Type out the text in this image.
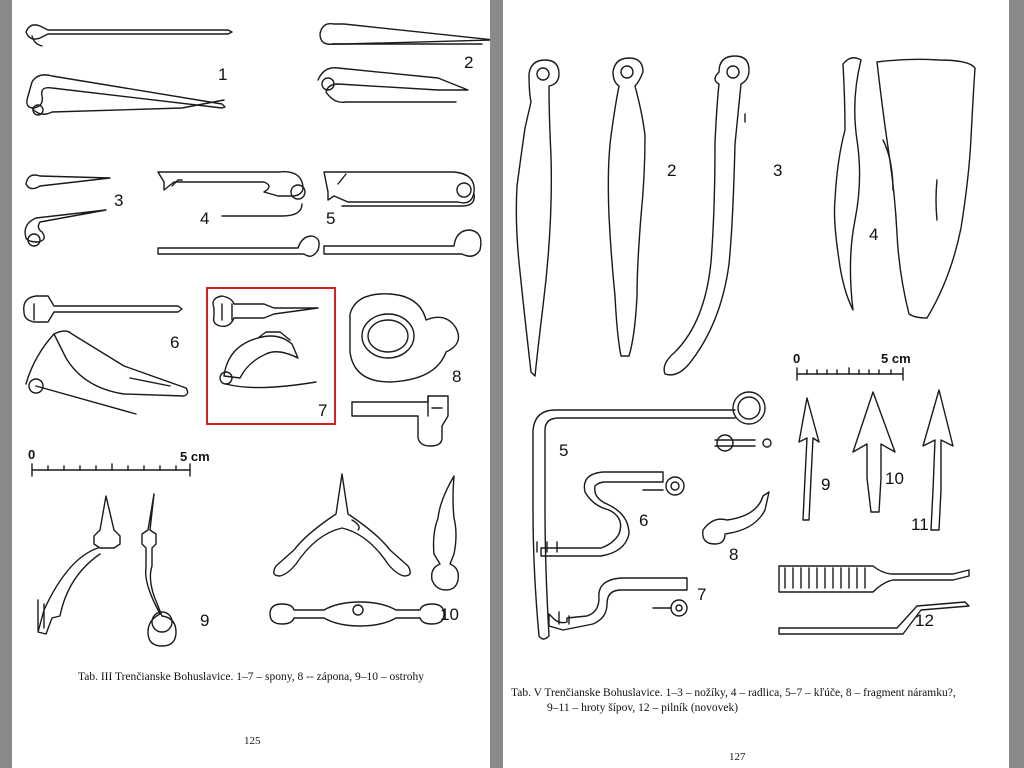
1
2
3
4	5
6
7
8
9	10
0	5 cm
Tab. III Trenčianske Bohuslavice. 1–7 – spony, 8 -- zápona, 9–10 – ostrohy
125
2	3
4
5
6
7
8
9	10
11
12
0	5 cm
Tab. V Trenčianske Bohuslavice. 1–3 – nožíky, 4 – radlica, 5–7 – kľúče, 8 – fragment náramku?,
9–11 – hroty šípov, 12 – pilník (novovek)
127
